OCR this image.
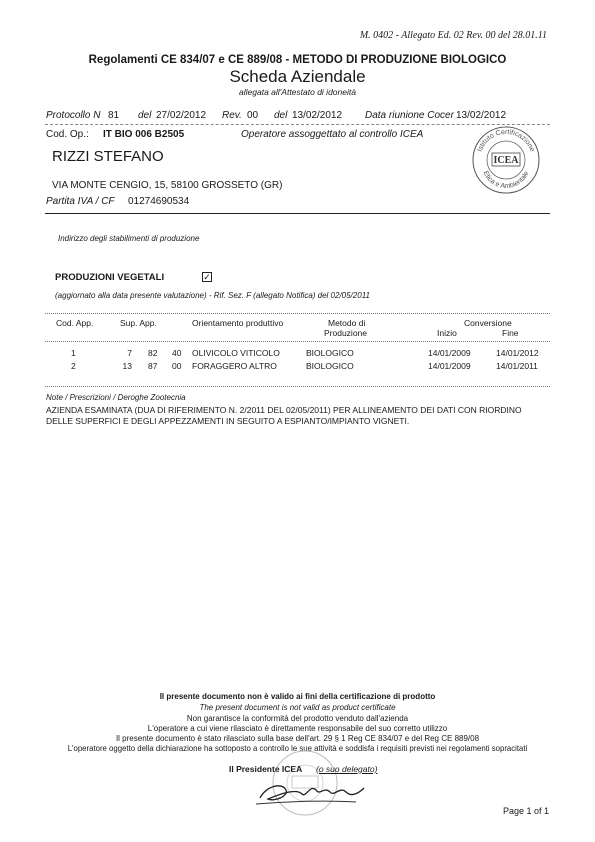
M. 0402 - Allegato Ed. 02 Rev. 00 del 28.01.11
Regolamenti CE 834/07 e CE 889/08 - METODO DI PRODUZIONE BIOLOGICO
Scheda Aziendale
allegata all'Attestato di idoneità
Protocollo N 81 del 27/02/2012 Rev. 00 del 13/02/2012 Data riunione Cocer 13/02/2012
Cod. Op.: IT BIO 006 B2505	Operatore assoggettato al controllo ICEA
RIZZI STEFANO	Istituto Certificazione
Etica e Ambientale
ICEA
VIA MONTE CENGIO, 15, 58100 GROSSETO (GR)
Partita IVA / CF 01274690534
Indirizzo degli stabilimenti di produzione
PRODUZIONI VEGETALI	✓
(aggiornato alla data presente valutazione) - Rif. Sez. F (allegato Notifica) del 02/05/2011
Cod. App.	Sup. App.	Orientamento produttivo	Metodo di
Produzione
Conversione
Inizio	Fine
1	7 82 40 OLIVICOLO VITICOLO	BIOLOGICO	14/01/2009	14/01/2012
2	13 87 00 FORAGGERO ALTRO	BIOLOGICO	14/01/2009	14/01/2011
Note / Prescrizioni / Deroghe Zootecnia
AZIENDA ESAMINATA (DUA DI RIFERIMENTO N. 2/2011 DEL 02/05/2011) PER ALLINEAMENTO DEI DATI CON RIORDINO
DELLE SUPERFICI E DEGLI APPEZZAMENTI IN SEGUITO A ESPIANTO/IMPIANTO VIGNETI.
Il presente documento non è valido ai fini della certificazione di prodotto
The present document is not valid as product certificate
Non garantisce la conformità del prodotto venduto dall'azienda
L'operatore a cui viene rilasciato è direttamente responsabile del suo corretto utilizzo
Il presente documento è stato rilasciato sulla base dell'art. 29 § 1 Reg CE 834/07 e del Reg CE 889/08
L'operatore oggetto della dichiarazione ha sottoposto a controllo le sue attività e soddisfa i requisiti previsti nei regolamenti sopracitati
Il Presidente ICEA (o suo delegato)
Page 1 of 1
